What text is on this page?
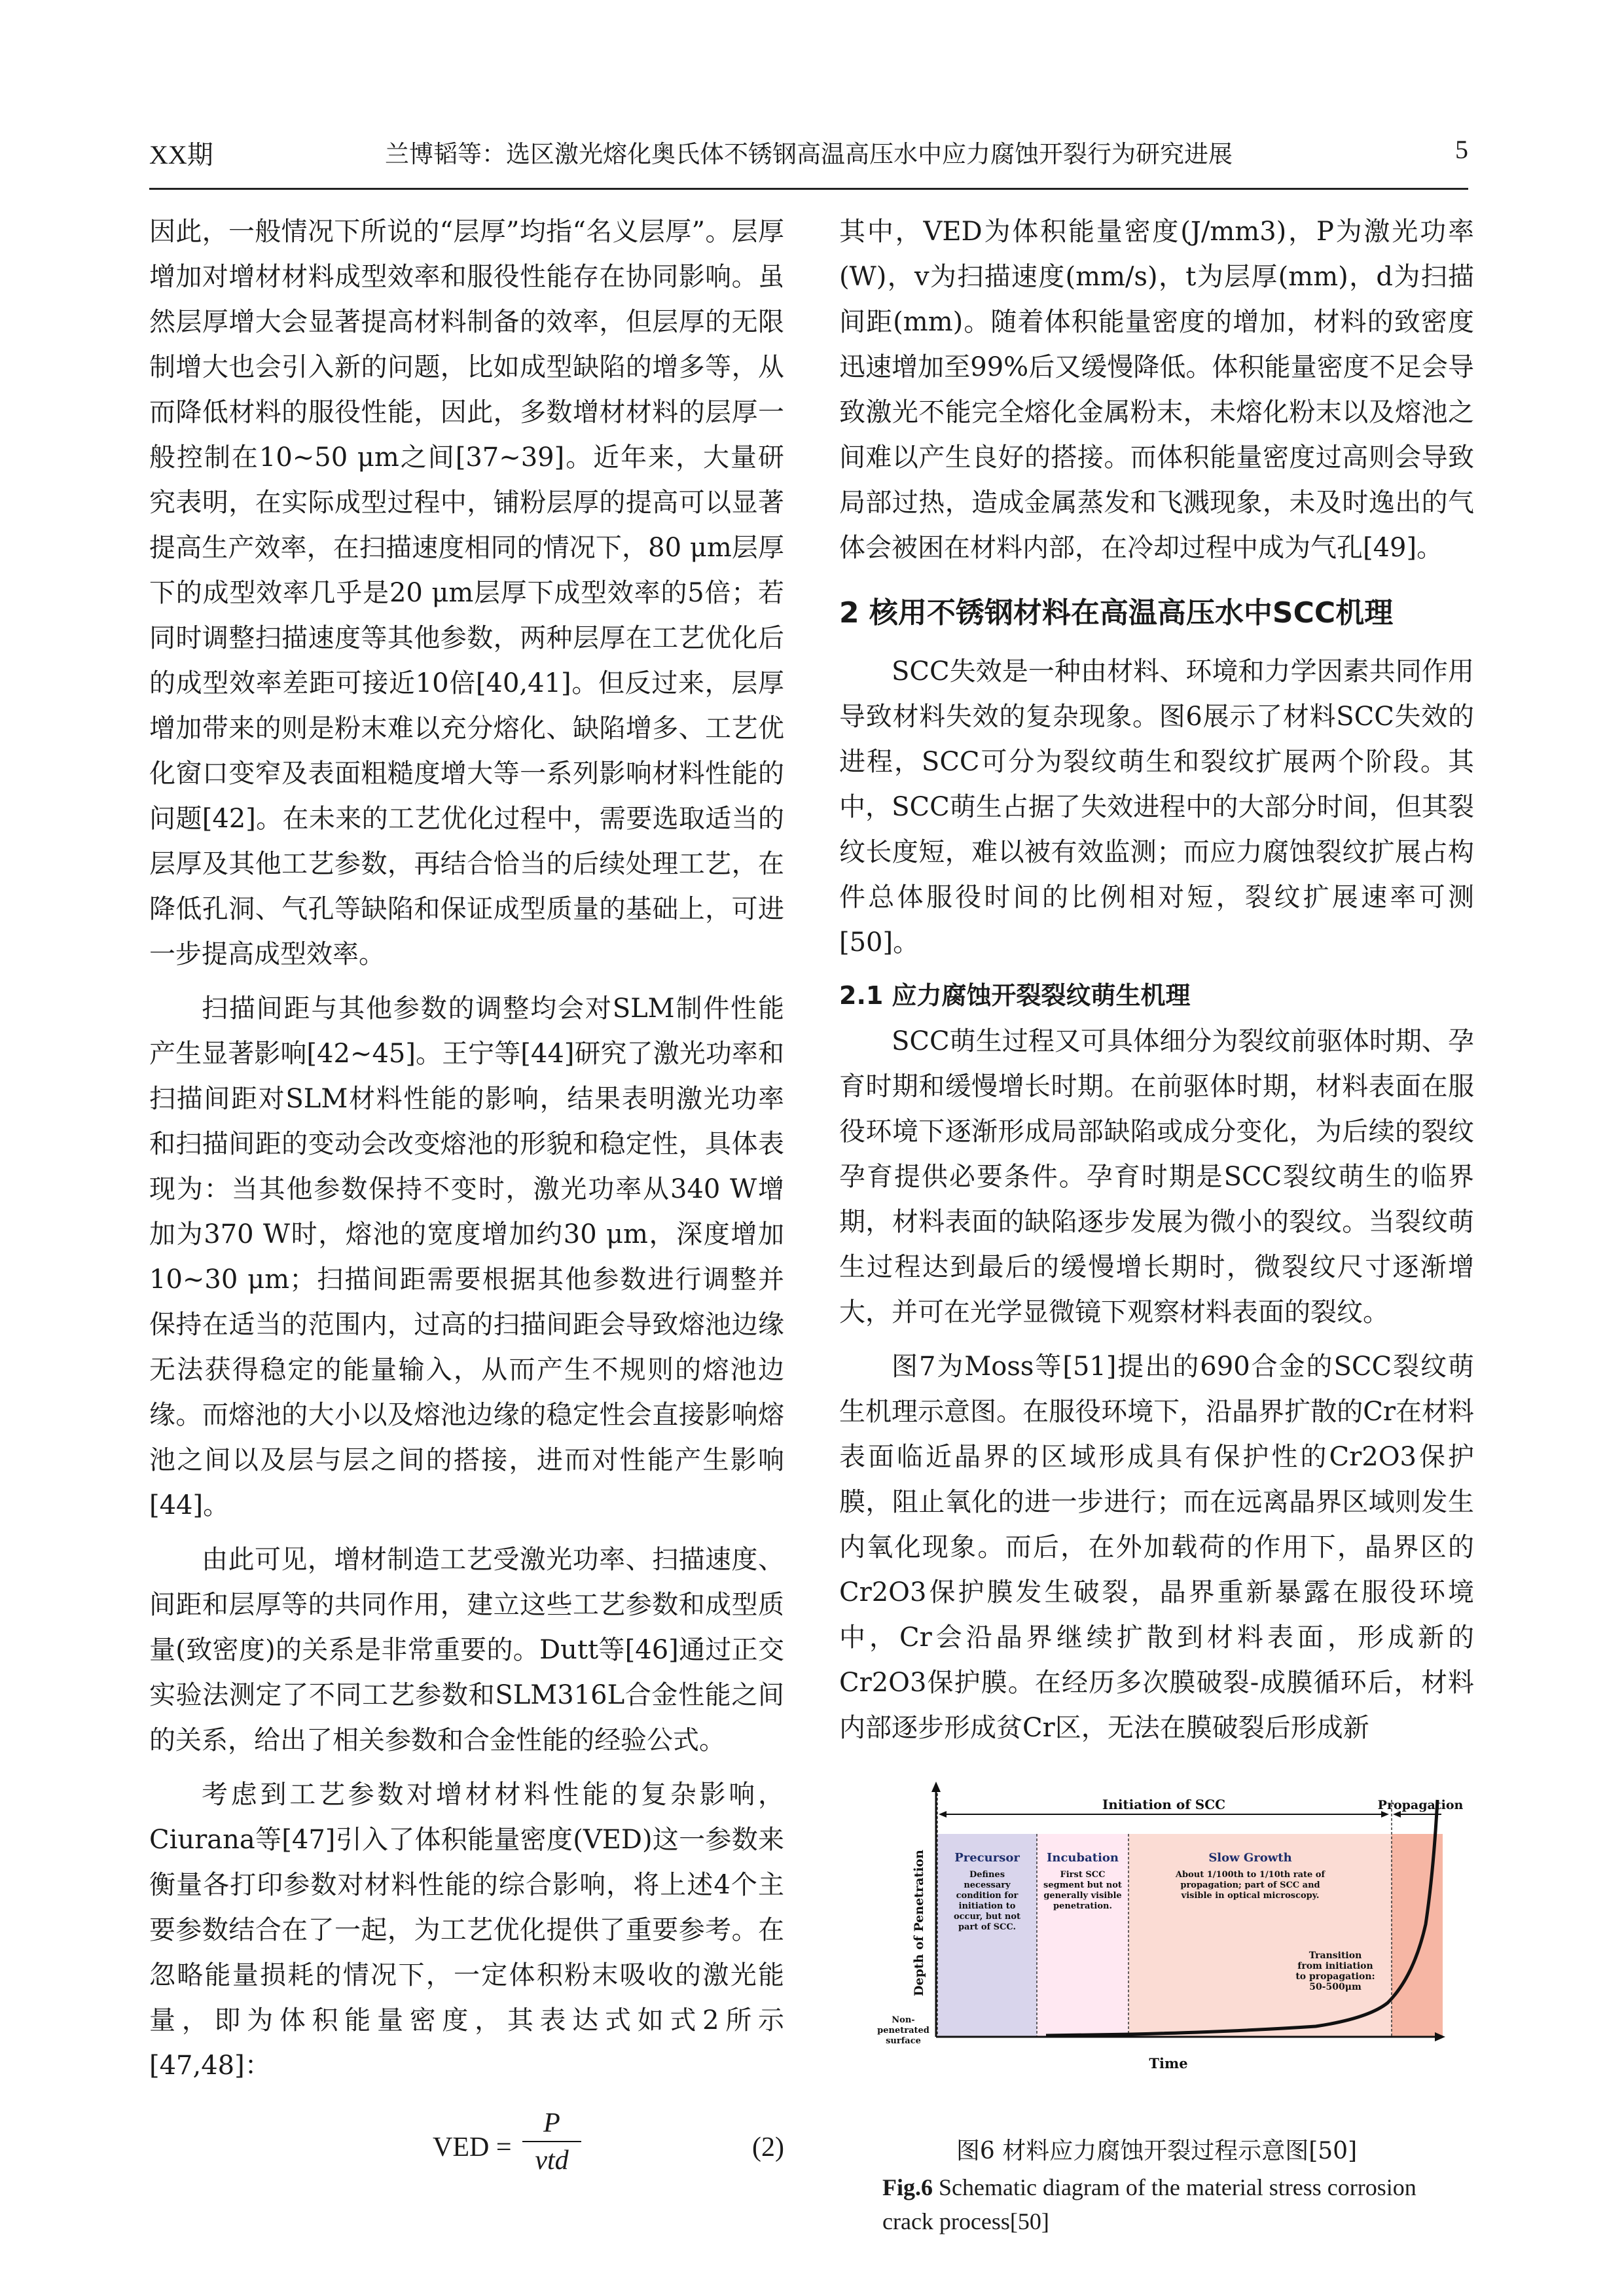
XX期	兰博韬等：选区激光熔化奥氏体不锈钢高温高压水中应力腐蚀开裂行为研究进展	5

因此，一般情况下所说的“层厚”均指“名义层厚”。层厚增加对增材材料成型效率和服役性能存在协同影响。虽然层厚增大会显著提高材料制备的效率，但层厚的无限制增大也会引入新的问题，比如成型缺陷的增多等，从而降低材料的服役性能，因此，多数增材材料的层厚一般控制在10~50 μm之间[37~39]。近年来，大量研究表明，在实际成型过程中，铺粉层厚的提高可以显著提高生产效率，在扫描速度相同的情况下，80 μm层厚下的成型效率几乎是20 μm层厚下成型效率的5倍；若同时调整扫描速度等其他参数，两种层厚在工艺优化后的成型效率差距可接近10倍[40,41]。但反过来，层厚增加带来的则是粉末难以充分熔化、缺陷增多、工艺优化窗口变窄及表面粗糙度增大等一系列影响材料性能的问题[42]。在未来的工艺优化过程中，需要选取适当的层厚及其他工艺参数，再结合恰当的后续处理工艺，在降低孔洞、气孔等缺陷和保证成型质量的基础上，可进一步提高成型效率。

扫描间距与其他参数的调整均会对SLM制件性能产生显著影响[42~45]。王宁等[44]研究了激光功率和扫描间距对SLM材料性能的影响，结果表明激光功率和扫描间距的变动会改变熔池的形貌和稳定性，具体表现为：当其他参数保持不变时，激光功率从340 W增加为370 W时，熔池的宽度增加约30 μm，深度增加10~30 μm；扫描间距需要根据其他参数进行调整并保持在适当的范围内，过高的扫描间距会导致熔池边缘无法获得稳定的能量输入，从而产生不规则的熔池边缘。而熔池的大小以及熔池边缘的稳定性会直接影响熔池之间以及层与层之间的搭接，进而对性能产生影响[44]。

由此可见，增材制造工艺受激光功率、扫描速度、间距和层厚等的共同作用，建立这些工艺参数和成型质量(致密度)的关系是非常重要的。Dutt等[46]通过正交实验法测定了不同工艺参数和SLM316L合金性能之间的关系，给出了相关参数和合金性能的经验公式。

考虑到工艺参数对增材材料性能的复杂影响，Ciurana等[47]引入了体积能量密度(VED)这一参数来衡量各打印参数对材料性能的综合影响，将上述4个主要参数结合在了一起，为工艺优化提供了重要参考。在忽略能量损耗的情况下，一定体积粉末吸收的激光能量，即为体积能量密度，其表达式如式2所示[47,48]：

VED =
P
vtd	(2)

其中，VED为体积能量密度(J/mm3)，P为激光功率(W)，v为扫描速度(mm/s)，t为层厚(mm)，d为扫描间距(mm)。随着体积能量密度的增加，材料的致密度迅速增加至99%后又缓慢降低。体积能量密度不足会导致激光不能完全熔化金属粉末，未熔化粉末以及熔池之间难以产生良好的搭接。而体积能量密度过高则会导致局部过热，造成金属蒸发和飞溅现象，未及时逸出的气体会被困在材料内部，在冷却过程中成为气孔[49]。

2 核用不锈钢材料在高温高压水中SCC机理

SCC失效是一种由材料、环境和力学因素共同作用导致材料失效的复杂现象。图6展示了材料SCC失效的进程，SCC可分为裂纹萌生和裂纹扩展两个阶段。其中，SCC萌生占据了失效进程中的大部分时间，但其裂纹长度短，难以被有效监测；而应力腐蚀裂纹扩展占构件总体服役时间的比例相对短，裂纹扩展速率可测[50]。

2.1 应力腐蚀开裂裂纹萌生机理

SCC萌生过程又可具体细分为裂纹前驱体时期、孕育时期和缓慢增长时期。在前驱体时期，材料表面在服役环境下逐渐形成局部缺陷或成分变化，为后续的裂纹孕育提供必要条件。孕育时期是SCC裂纹萌生的临界期，材料表面的缺陷逐步发展为微小的裂纹。当裂纹萌生过程达到最后的缓慢增长期时，微裂纹尺寸逐渐增大，并可在光学显微镜下观察材料表面的裂纹。

图7为Moss等[51]提出的690合金的SCC裂纹萌生机理示意图。在服役环境下，沿晶界扩散的Cr在材料表面临近晶界的区域形成具有保护性的Cr2O3保护膜，阻止氧化的进一步进行；而在远离晶界区域则发生内氧化现象。而后，在外加载荷的作用下，晶界区的Cr2O3保护膜发生破裂，晶界重新暴露在服役环境中，Cr会沿晶界继续扩散到材料表面，形成新的Cr2O3保护膜。在经历多次膜破裂-成膜循环后，材料内部逐步形成贫Cr区，无法在膜破裂后形成新

Initiation of SCC	Propagation
Depth of Penetration
Time
Non-
penetrated
surface
Precursor
Defines
necessary
condition for
initiation to
occur, but not
part of SCC.
Incubation
First SCC
segment but not
generally visible
penetration.
Slow Growth
About 1/100th to 1/10th rate of
propagation; part of SCC and
visible in optical microscopy.
Transition
from initiation
to propagation:
50-500μm
图6 材料应力腐蚀开裂过程示意图[50]
Fig.6 Schematic diagram of the material stress corrosion crack process[50]
